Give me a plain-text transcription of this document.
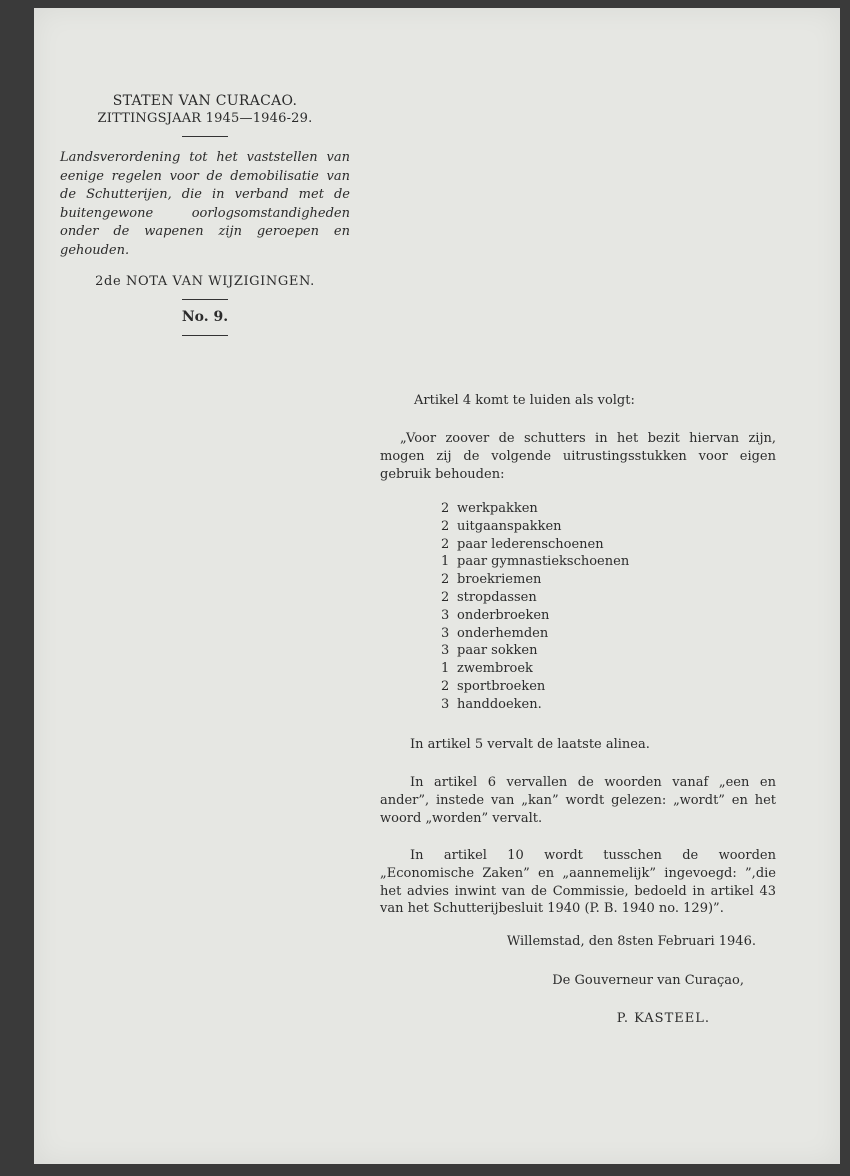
STATEN VAN CURACAO.
ZITTINGSJAAR 1945—1946-29.
Landsverordening tot het vaststellen van eenige regelen voor de demobilisatie van de Schutterijen, die in verband met de buitengewone oorlogsomstandigheden onder de wapenen zijn geroepen en gehouden.
2de NOTA VAN WIJZIGINGEN.
No. 9.
Artikel 4 komt te luiden als volgt:
„Voor zoover de schutters in het bezit hiervan zijn, mogen zij de volgende uitrustingsstukken voor eigen gebruik behouden:
2 werkpakken
2 uitgaanspakken
2 paar lederenschoenen
1 paar gymnastiekschoenen
2 broekriemen
2 stropdassen
3 onderbroeken
3 onderhemden
3 paar sokken
1 zwembroek
2 sportbroeken
3 handdoeken.
In artikel 5 vervalt de laatste alinea.
In artikel 6 vervallen de woorden vanaf „een en ander”, instede van „kan” wordt gelezen: „wordt” en het woord „worden” vervalt.
In artikel 10 wordt tusschen de woorden „Economische Zaken” en „aannemelijk” ingevoegd: ”,die het advies inwint van de Commissie, bedoeld in artikel 43 van het Schutterijbesluit 1940 (P. B. 1940 no. 129)”.
Willemstad, den 8sten Februari 1946.
De Gouverneur van Curaçao,
P. KASTEEL.
